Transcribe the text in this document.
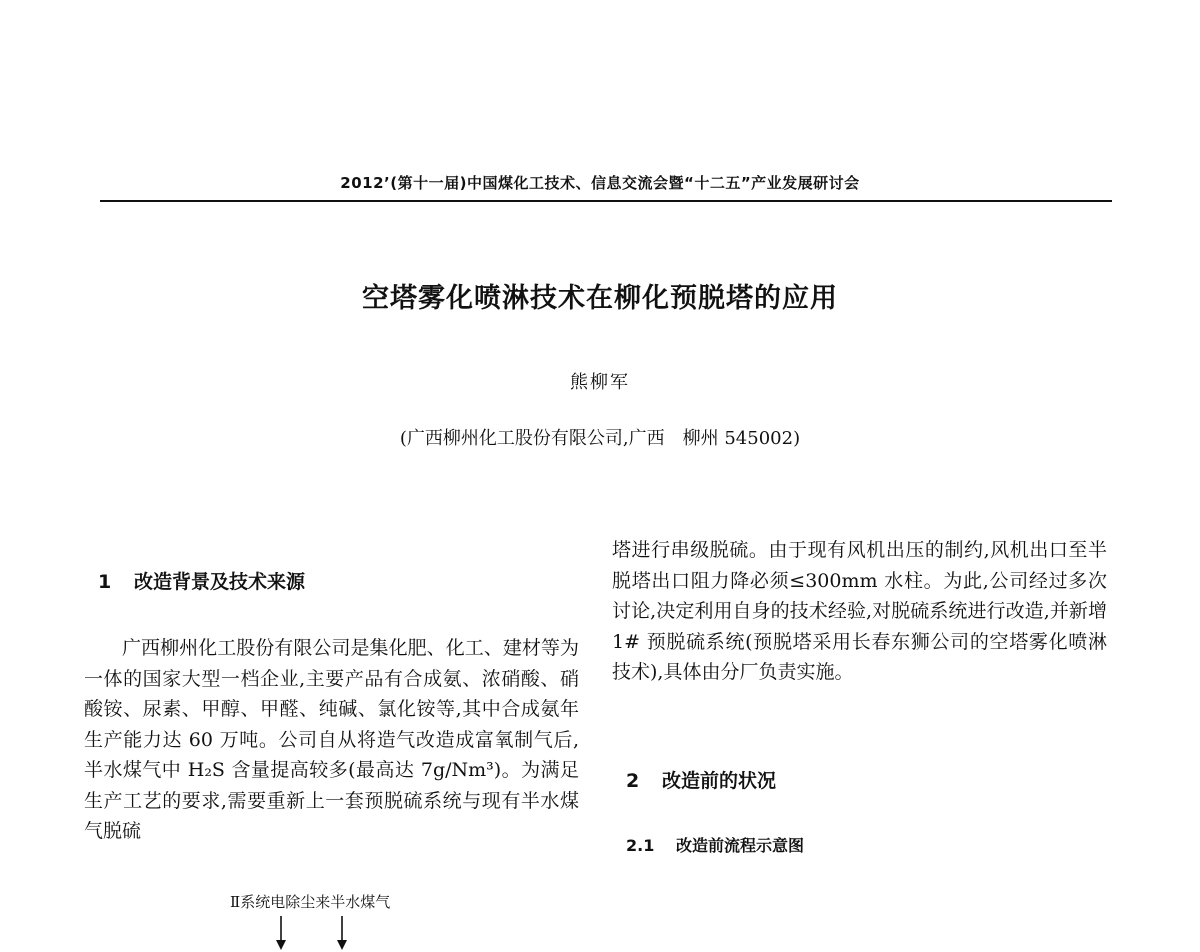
2012’(第十一届)中国煤化工技术、信息交流会暨“十二五”产业发展研讨会
空塔雾化喷淋技术在柳化预脱塔的应用
熊柳军
(广西柳州化工股份有限公司,广西　柳州 545002)
1 改造背景及技术来源

广西柳州化工股份有限公司是集化肥、化工、建材等为一体的国家大型一档企业,主要产品有合成氨、浓硝酸、硝酸铵、尿素、甲醇、甲醛、纯碱、氯化铵等,其中合成氨年生产能力达 60 万吨。公司自从将造气改造成富氧制气后,半水煤气中 H₂S 含量提高较多(最高达 7g/Nm³)。为满足生产工艺的要求,需要重新上一套预脱硫系统与现有半水煤气脱硫

塔进行串级脱硫。由于现有风机出压的制约,风机出口至半脱塔出口阻力降必须≤300mm 水柱。为此,公司经过多次讨论,决定利用自身的技术经验,对脱硫系统进行改造,并新增 1# 预脱硫系统(预脱塔采用长春东狮公司的空塔雾化喷淋技术),具体由分厂负责实施。

2 改造前的状况
2.1 改造前流程示意图
Ⅱ系统电除尘来半水煤气
